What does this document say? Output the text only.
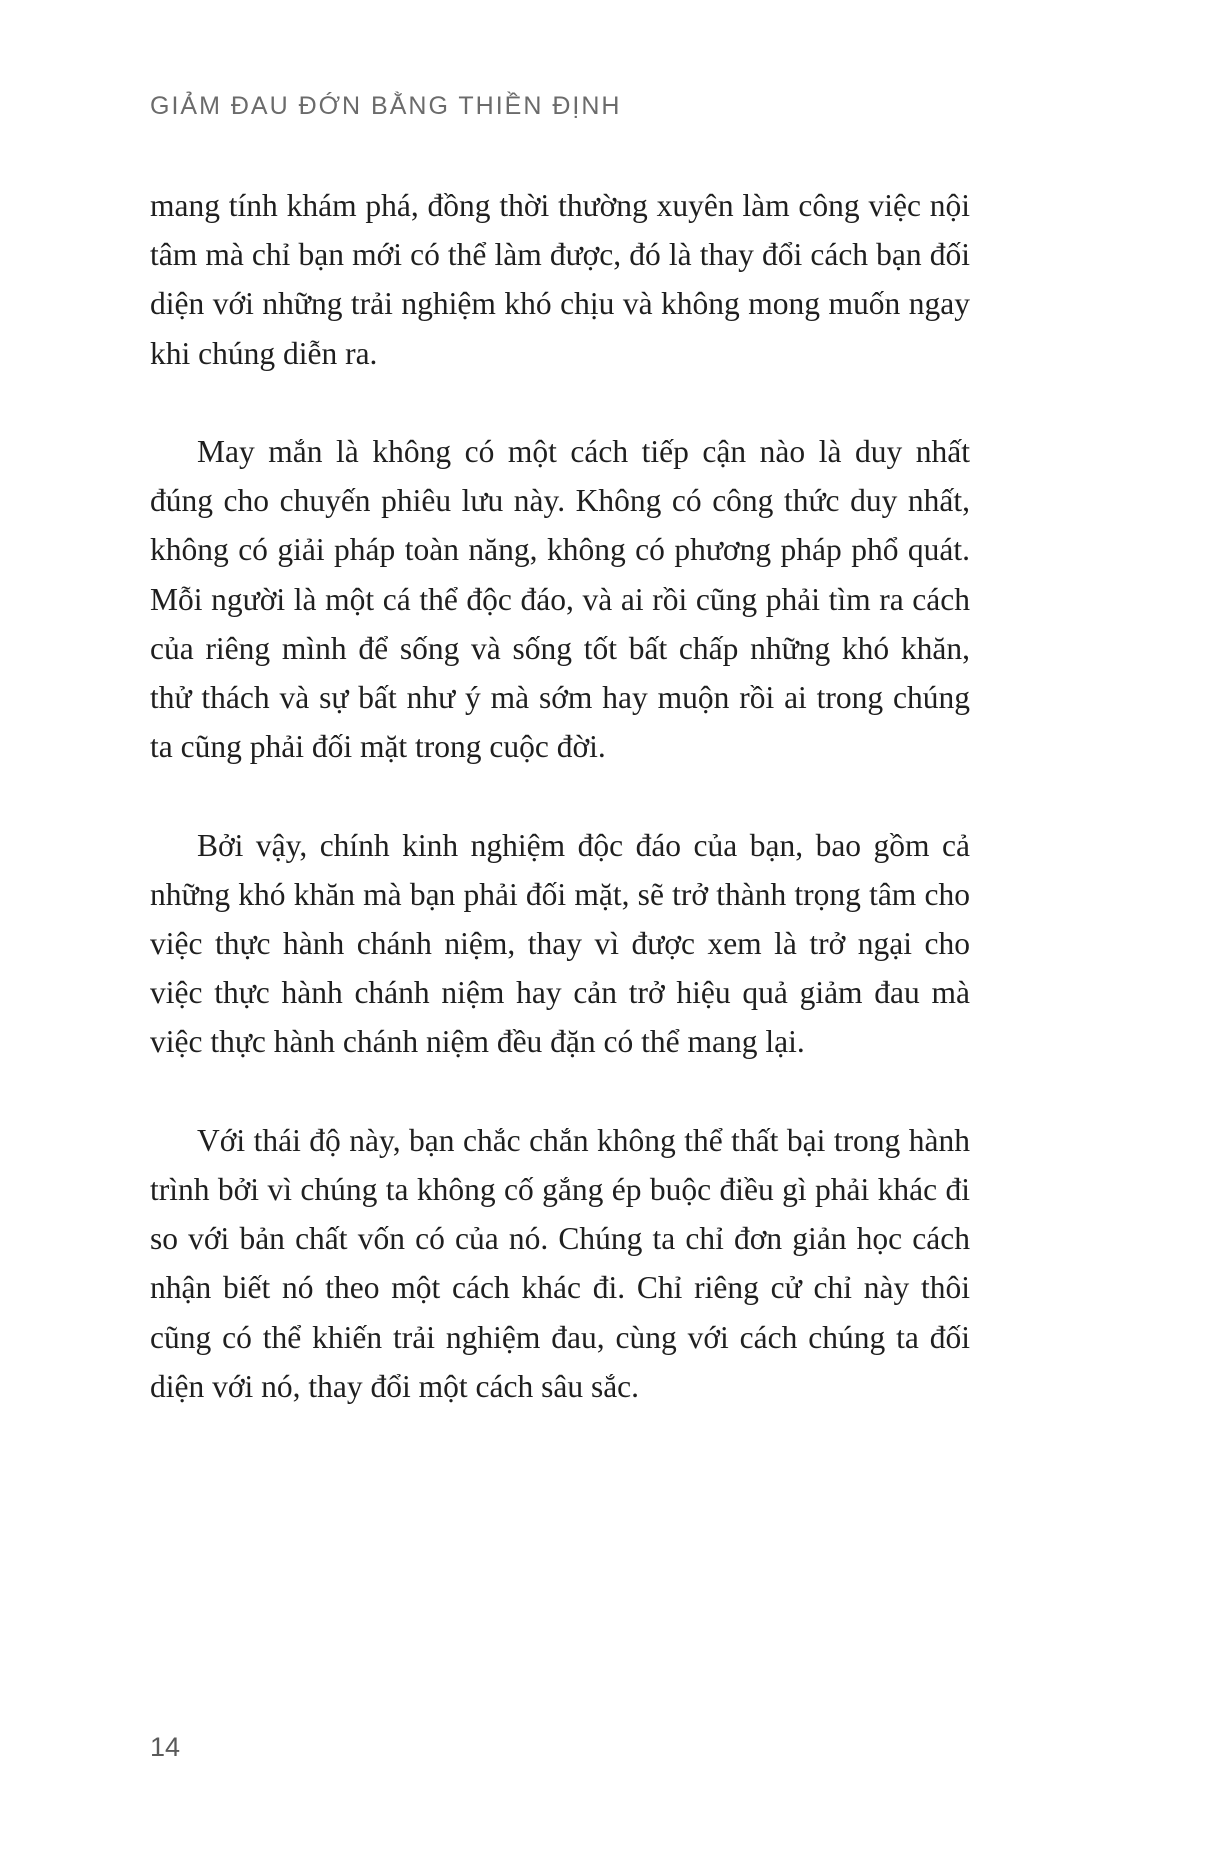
GIẢM ĐAU ĐỚN BẰNG THIỀN ĐỊNH

mang tính khám phá, đồng thời thường xuyên làm công việc nội tâm mà chỉ bạn mới có thể làm được, đó là thay đổi cách bạn đối diện với những trải nghiệm khó chịu và không mong muốn ngay khi chúng diễn ra.

May mắn là không có một cách tiếp cận nào là duy nhất đúng cho chuyến phiêu lưu này. Không có công thức duy nhất, không có giải pháp toàn năng, không có phương pháp phổ quát. Mỗi người là một cá thể độc đáo, và ai rồi cũng phải tìm ra cách của riêng mình để sống và sống tốt bất chấp những khó khăn, thử thách và sự bất như ý mà sớm hay muộn rồi ai trong chúng ta cũng phải đối mặt trong cuộc đời.

Bởi vậy, chính kinh nghiệm độc đáo của bạn, bao gồm cả những khó khăn mà bạn phải đối mặt, sẽ trở thành trọng tâm cho việc thực hành chánh niệm, thay vì được xem là trở ngại cho việc thực hành chánh niệm hay cản trở hiệu quả giảm đau mà việc thực hành chánh niệm đều đặn có thể mang lại.

Với thái độ này, bạn chắc chắn không thể thất bại trong hành trình bởi vì chúng ta không cố gắng ép buộc điều gì phải khác đi so với bản chất vốn có của nó. Chúng ta chỉ đơn giản học cách nhận biết nó theo một cách khác đi. Chỉ riêng cử chỉ này thôi cũng có thể khiến trải nghiệm đau, cùng với cách chúng ta đối diện với nó, thay đổi một cách sâu sắc.

14
